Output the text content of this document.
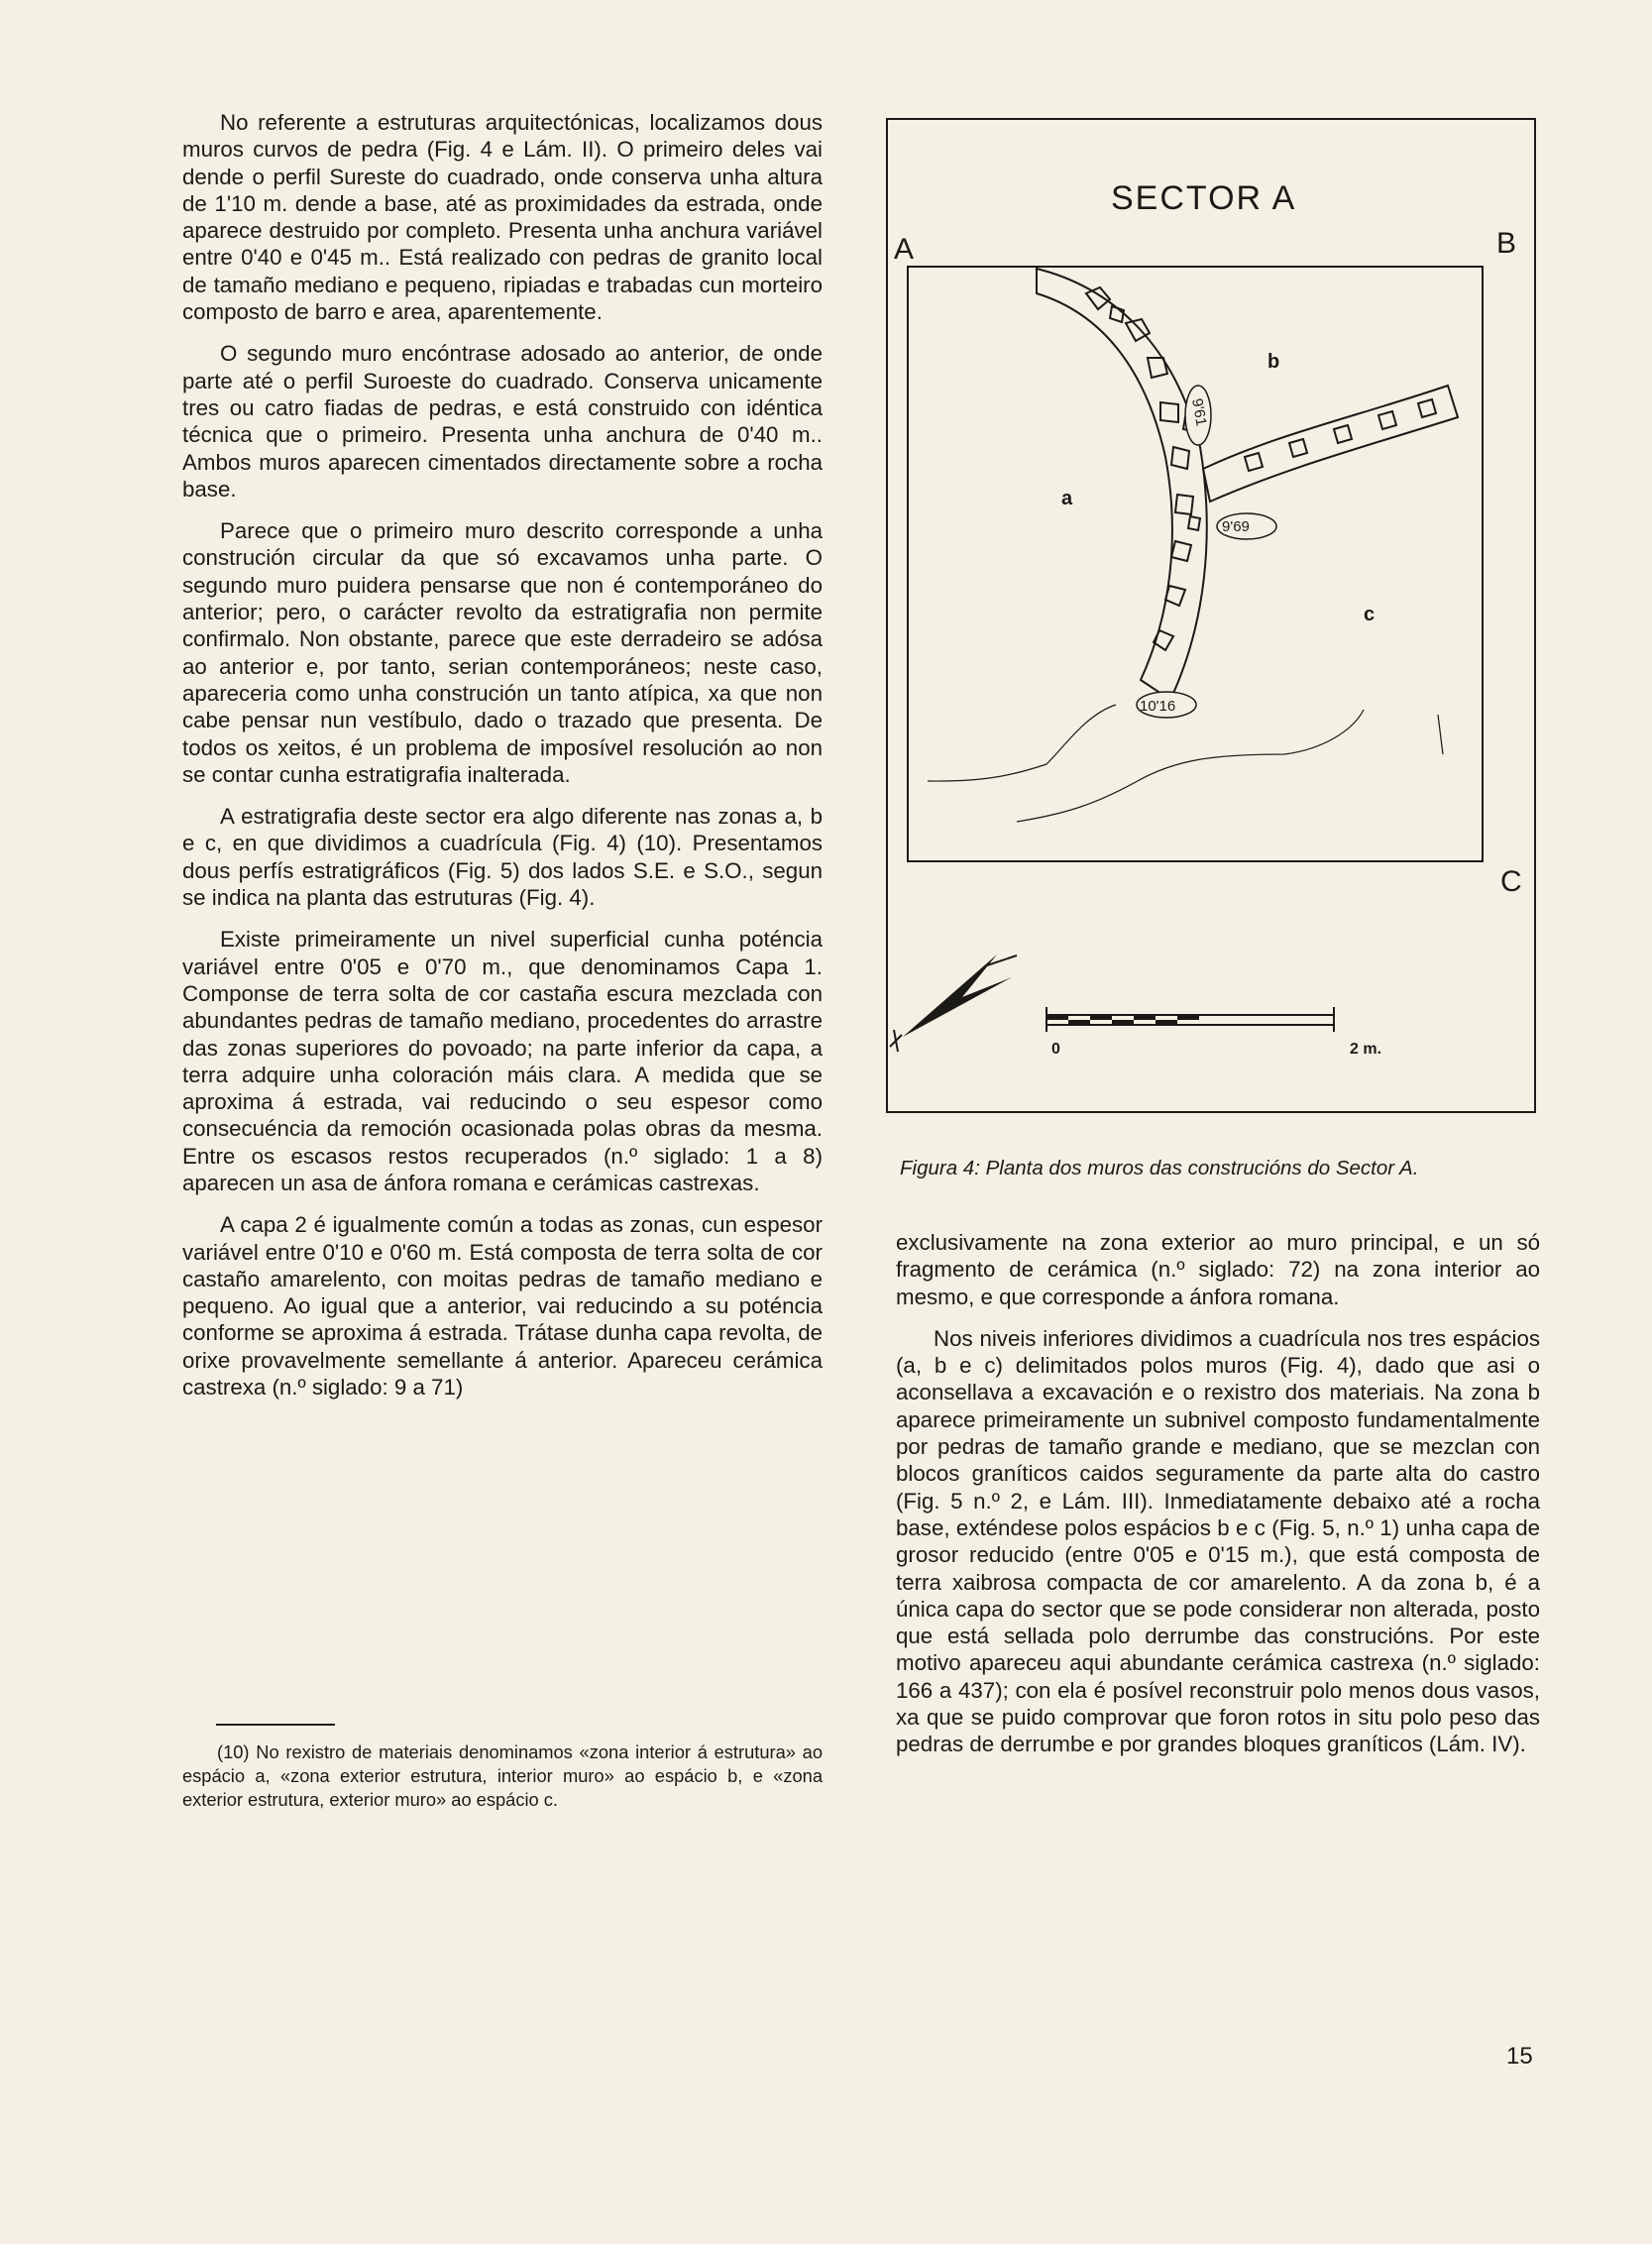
No referente a estruturas arquitectónicas, localizamos dous muros curvos de pedra (Fig. 4 e Lám. II). O primeiro deles vai dende o perfil Sureste do cuadrado, onde conserva unha altura de 1'10 m. dende a base, até as proximidades da estrada, onde aparece destruido por completo. Presenta unha anchura variável entre 0'40 e 0'45 m.. Está realizado con pedras de granito local de tamaño mediano e pequeno, ripiadas e trabadas cun morteiro composto de barro e area, aparentemente.

O segundo muro encóntrase adosado ao anterior, de onde parte até o perfil Suroeste do cuadrado. Conserva unicamente tres ou catro fiadas de pedras, e está construido con idéntica técnica que o primeiro. Presenta unha anchura de 0'40 m.. Ambos muros aparecen cimentados directamente sobre a rocha base.

Parece que o primeiro muro descrito corresponde a unha construción circular da que só excavamos unha parte. O segundo muro puidera pensarse que non é contemporáneo do anterior; pero, o carácter revolto da estratigrafia non permite confirmalo. Non obstante, parece que este derradeiro se adósa ao anterior e, por tanto, serian contemporáneos; neste caso, apareceria como unha construción un tanto atípica, xa que non cabe pensar nun vestíbulo, dado o trazado que presenta. De todos os xeitos, é un problema de imposível resolución ao non se contar cunha estratigrafia inalterada.

A estratigrafia deste sector era algo diferente nas zonas a, b e c, en que dividimos a cuadrícula (Fig. 4) (10). Presentamos dous perfís estratigráficos (Fig. 5) dos lados S.E. e S.O., segun se indica na planta das estruturas (Fig. 4).

Existe primeiramente un nivel superficial cunha poténcia variável entre 0'05 e 0'70 m., que denominamos Capa 1. Componse de terra solta de cor castaña escura mezclada con abundantes pedras de tamaño mediano, procedentes do arrastre das zonas superiores do povoado; na parte inferior da capa, a terra adquire unha coloración máis clara. A medida que se aproxima á estrada, vai reducindo o seu espesor como consecuéncia da remoción ocasionada polas obras da mesma. Entre os escasos restos recuperados (n.º siglado: 1 a 8) aparecen un asa de ánfora romana e cerámicas castrexas.

A capa 2 é igualmente común a todas as zonas, cun espesor variável entre 0'10 e 0'60 m. Está composta de terra solta de cor castaño amarelento, con moitas pedras de tamaño mediano e pequeno. Ao igual que a anterior, vai reducindo a su poténcia conforme se aproxima á estrada. Trátase dunha capa revolta, de orixe provavelmente semellante á anterior. Apareceu cerámica castrexa (n.º siglado: 9 a 71)

(10) No rexistro de materiais denominamos «zona interior á estrutura» ao espácio a, «zona exterior estrutura, interior muro» ao espácio b, e «zona exterior estrutura, exterior muro» ao espácio c.

SECTOR A
A	B
C
a
b
c
9'61
9'69
10'16
0	2 m.
Figura 4: Planta dos muros das construcións do Sector A.

exclusivamente na zona exterior ao muro principal, e un só fragmento de cerámica (n.º siglado: 72) na zona interior ao mesmo, e que corresponde a ánfora romana.

Nos niveis inferiores dividimos a cuadrícula nos tres espácios (a, b e c) delimitados polos muros (Fig. 4), dado que asi o aconsellava a excavación e o rexistro dos materiais. Na zona b aparece primeiramente un subnivel composto fundamentalmente por pedras de tamaño grande e mediano, que se mezclan con blocos graníticos caidos seguramente da parte alta do castro (Fig. 5 n.º 2, e Lám. III). Inmediatamente debaixo até a rocha base, exténdese polos espácios b e c (Fig. 5, n.º 1) unha capa de grosor reducido (entre 0'05 e 0'15 m.), que está composta de terra xaibrosa compacta de cor amarelento. A da zona b, é a única capa do sector que se pode considerar non alterada, posto que está sellada polo derrumbe das construcións. Por este motivo apareceu aqui abundante cerámica castrexa (n.º siglado: 166 a 437); con ela é posível reconstruir polo menos dous vasos, xa que se puido comprovar que foron rotos in situ polo peso das pedras de derrumbe e por grandes bloques graníticos (Lám. IV).

15
